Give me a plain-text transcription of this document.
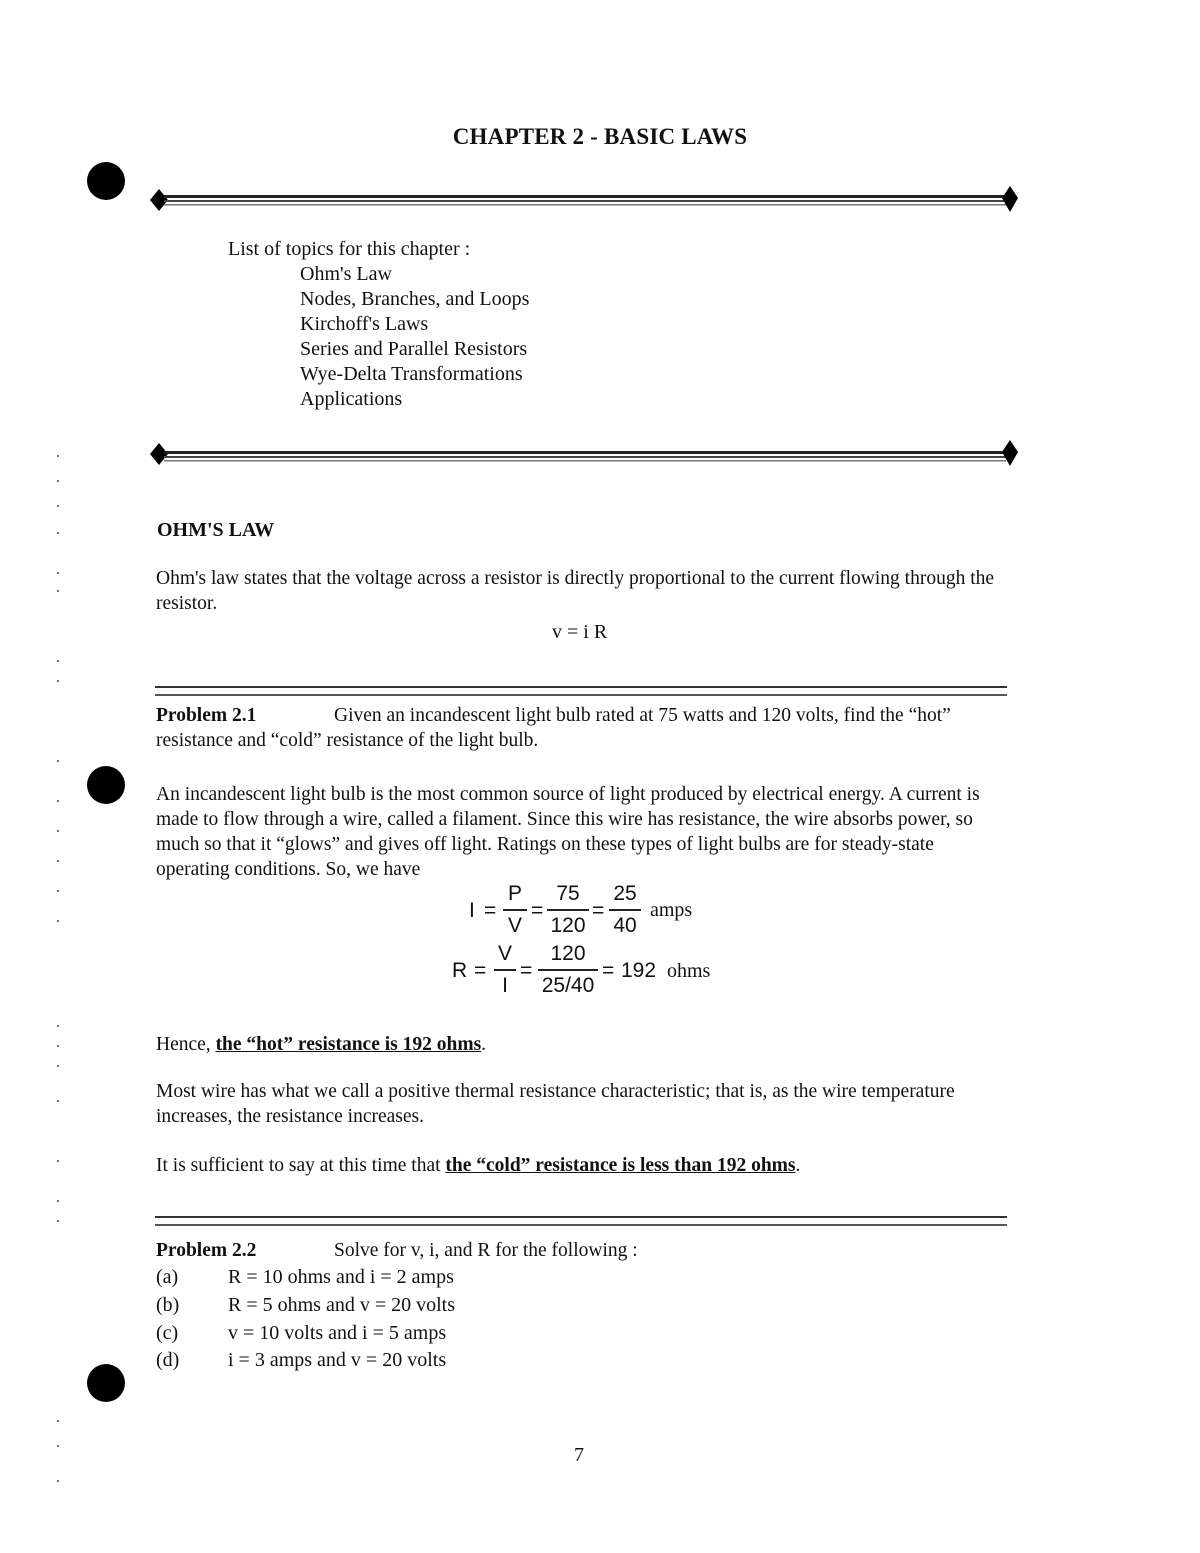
CHAPTER 2 - BASIC LAWS
List of topics for this chapter :
Ohm's Law
Nodes, Branches, and Loops
Kirchoff's Laws
Series and Parallel Resistors
Wye-Delta Transformations
Applications
OHM'S LAW
Ohm's law states that the voltage across a resistor is directly proportional to the current flowing through the resistor.
v = i R
Problem 2.1	Given an incandescent light bulb rated at 75 watts and 120 volts, find the “hot” resistance and “cold” resistance of the light bulb.
An incandescent light bulb is the most common source of light produced by electrical energy. A current is made to flow through a wire, called a filament. Since this wire has resistance, the wire absorbs power, so much so that it “glows” and gives off light. Ratings on these types of light bulbs are for steady-state operating conditions. So, we have
I =
P
V
=
75
120
=
25
40
amps
R =
V
I
=
120
25/40
= 192 ohms
Hence, the “hot” resistance is 192 ohms.
Most wire has what we call a positive thermal resistance characteristic; that is, as the wire temperature increases, the resistance increases.
It is sufficient to say at this time that the “cold” resistance is less than 192 ohms.
Problem 2.2	Solve for v, i, and R for the following :
(a) R = 10 ohms and i = 2 amps
(b) R = 5 ohms and v = 20 volts
(c) v = 10 volts and i = 5 amps
(d) i = 3 amps and v = 20 volts
7
